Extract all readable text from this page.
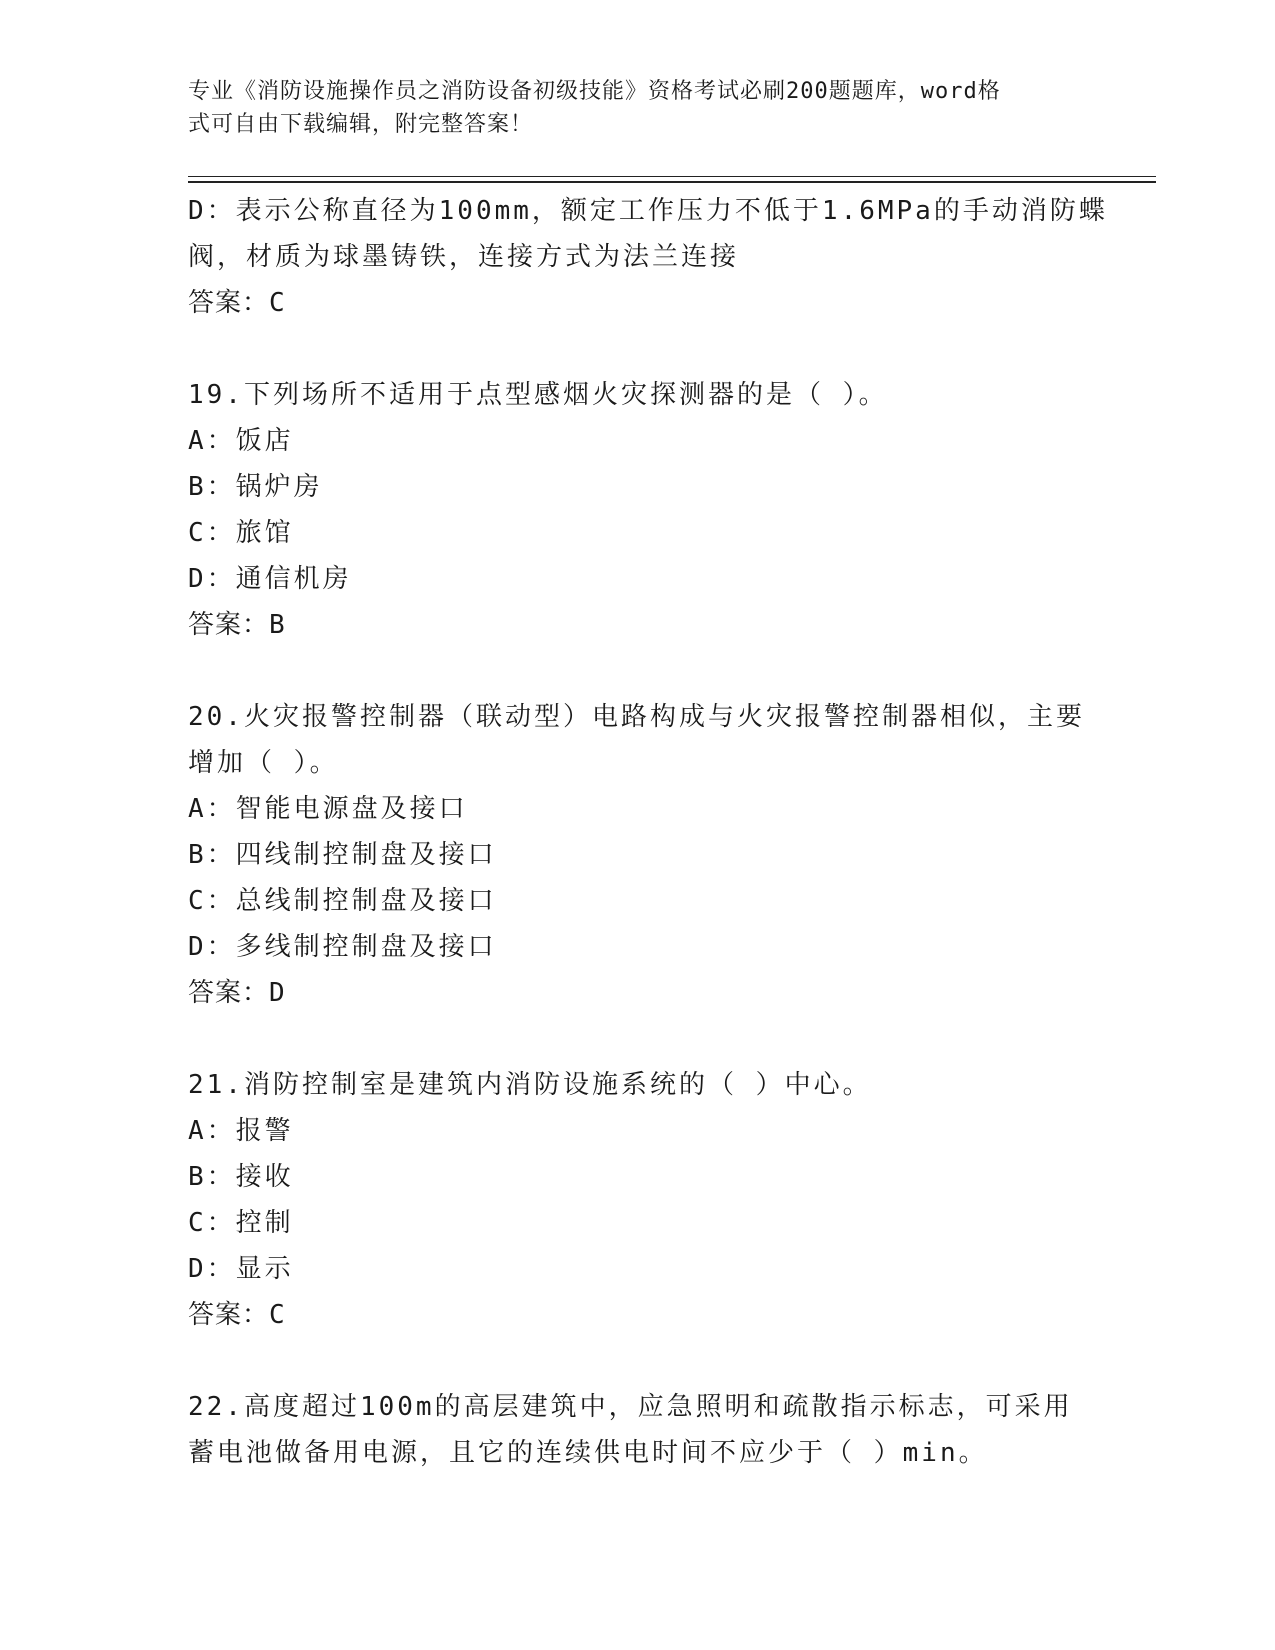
专业《消防设施操作员之消防设备初级技能》资格考试必刷200题题库，word格
式可自由下载编辑，附完整答案！
D：表示公称直径为100mm，额定工作压力不低于1.6MPa的手动消防蝶
阀，材质为球墨铸铁，连接方式为法兰连接
答案：C
19.下列场所不适用于点型感烟火灾探测器的是（ ）。
A：饭店
B：锅炉房
C：旅馆
D：通信机房
答案：B
20.火灾报警控制器（联动型）电路构成与火灾报警控制器相似，主要
增加（ ）。
A：智能电源盘及接口
B：四线制控制盘及接口
C：总线制控制盘及接口
D：多线制控制盘及接口
答案：D
21.消防控制室是建筑内消防设施系统的（ ）中心。
A：报警
B：接收
C：控制
D：显示
答案：C
22.高度超过100m的高层建筑中，应急照明和疏散指示标志，可采用
蓄电池做备用电源，且它的连续供电时间不应少于（ ）min。
